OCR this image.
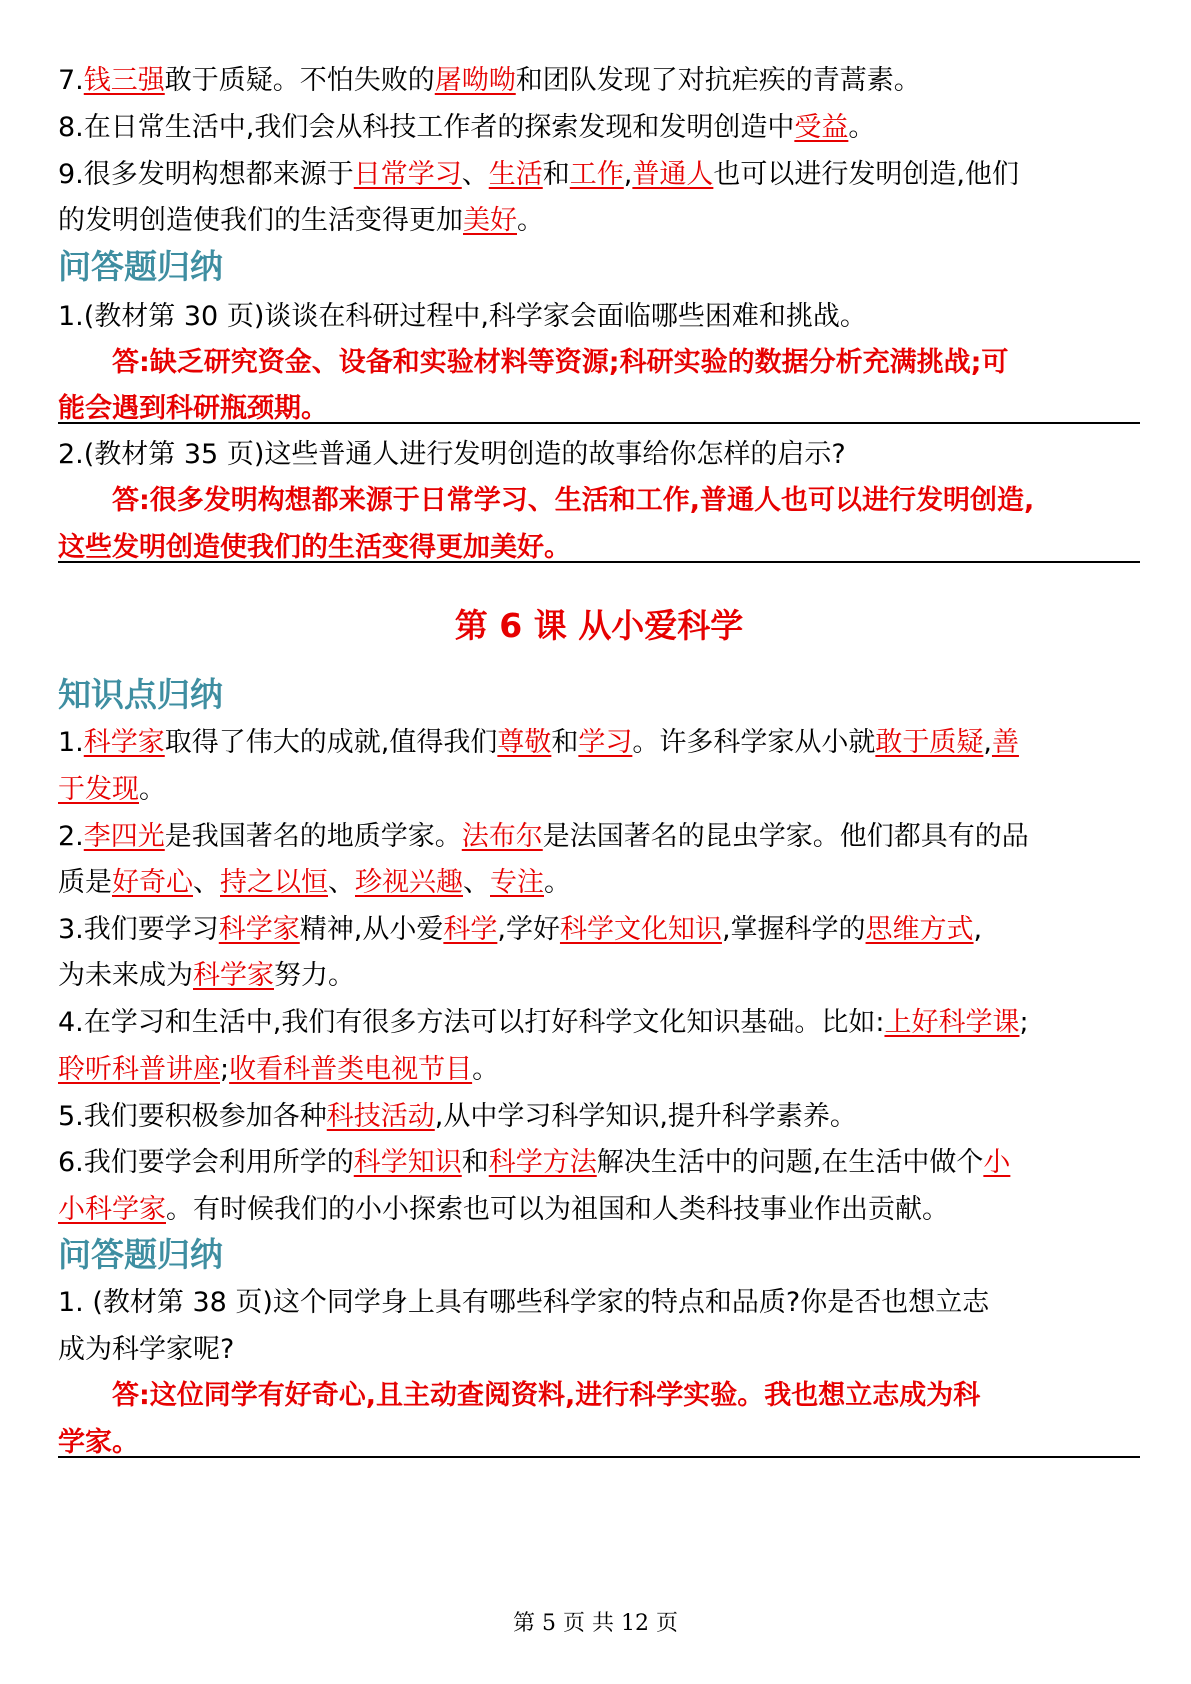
7.钱三强敢于质疑。不怕失败的屠呦呦和团队发现了对抗疟疾的青蒿素。
8.在日常生活中,我们会从科技工作者的探索发现和发明创造中受益。
9.很多发明构想都来源于日常学习、生活和工作,普通人也可以进行发明创造,他们
的发明创造使我们的生活变得更加美好。
问答题归纳
1.(教材第 30 页)谈谈在科研过程中,科学家会面临哪些困难和挑战。
答:缺乏研究资金、设备和实验材料等资源;科研实验的数据分析充满挑战;可
能会遇到科研瓶颈期。
2.(教材第 35 页)这些普通人进行发明创造的故事给你怎样的启示?
答:很多发明构想都来源于日常学习、生活和工作,普通人也可以进行发明创造,
这些发明创造使我们的生活变得更加美好。
第 6 课 从小爱科学
知识点归纳
1.科学家取得了伟大的成就,值得我们尊敬和学习。许多科学家从小就敢于质疑,善
于发现。
2.李四光是我国著名的地质学家。法布尔是法国著名的昆虫学家。他们都具有的品
质是好奇心、持之以恒、珍视兴趣、专注。
3.我们要学习科学家精神,从小爱科学,学好科学文化知识,掌握科学的思维方式,
为未来成为科学家努力。
4.在学习和生活中,我们有很多方法可以打好科学文化知识基础。比如:上好科学课;
聆听科普讲座;收看科普类电视节目。
5.我们要积极参加各种科技活动,从中学习科学知识,提升科学素养。
6.我们要学会利用所学的科学知识和科学方法解决生活中的问题,在生活中做个小
小科学家。有时候我们的小小探索也可以为祖国和人类科技事业作出贡献。
问答题归纳
1. (教材第 38 页)这个同学身上具有哪些科学家的特点和品质?你是否也想立志
成为科学家呢?
答:这位同学有好奇心,且主动查阅资料,进行科学实验。我也想立志成为科
学家。
第 5 页 共 12 页
